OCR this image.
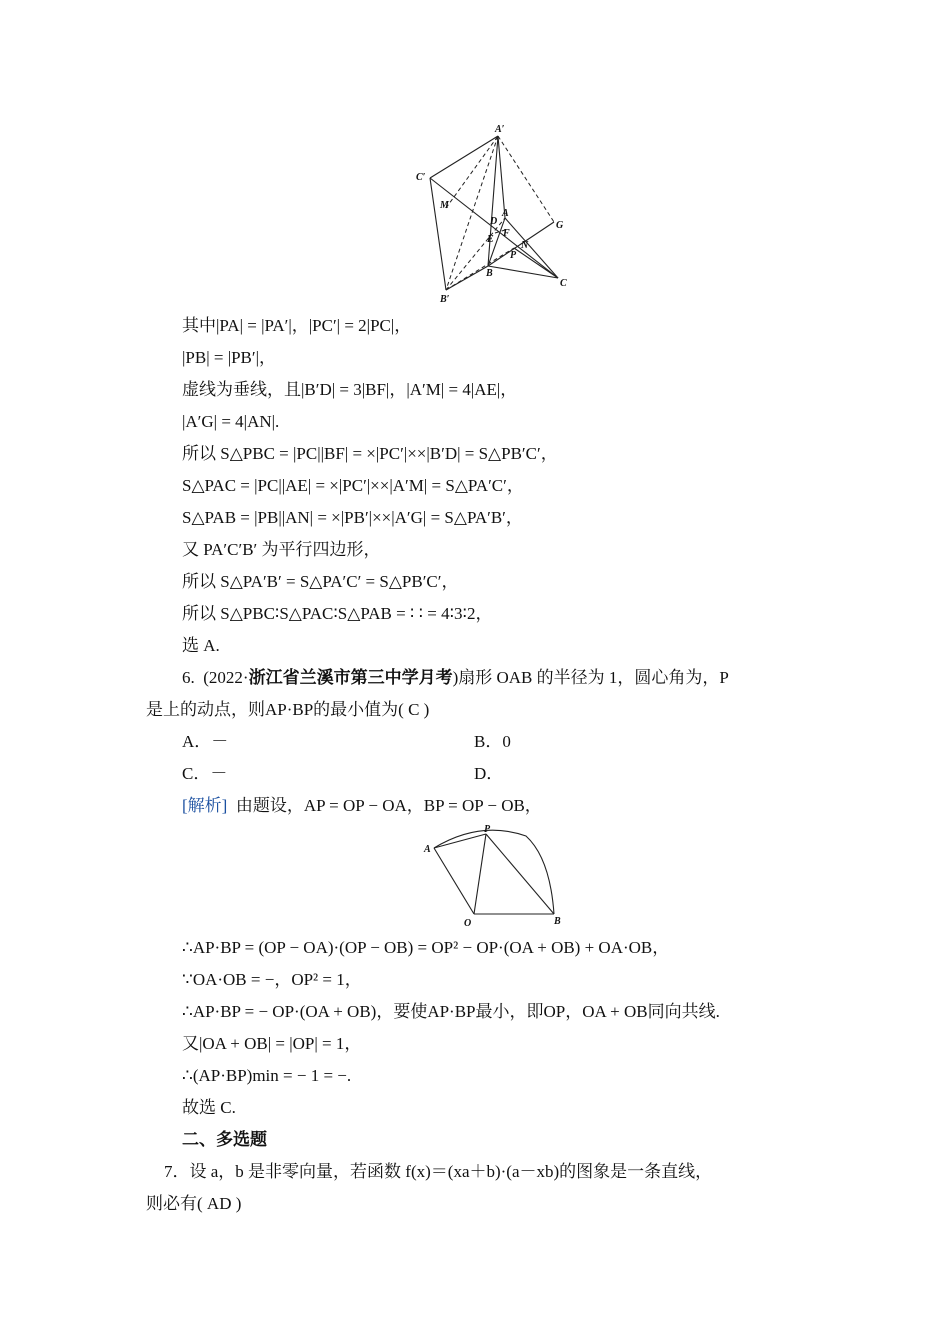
A′
C′
M
D
A
G
E
F
N
P
B
C
B′
其中|PA| = |PA′|，|PC′| = 2|PC|，
|PB| = |PB′|，
虚线为垂线，且|B′D| = 3|BF|，|A′M| = 4|AE|，
|A′G| = 4|AN|.
所以 S△PBC = |PC||BF| = ×|PC′|××|B′D| = S△PB′C′，
S△PAC = |PC||AE| = ×|PC′|××|A′M| = S△PA′C′，
S△PAB = |PB||AN| = ×|PB′|××|A′G| = S△PA′B′，
又 PA′C′B′ 为平行四边形，
所以 S△PA′B′ = S△PA′C′ = S△PB′C′，
所以 S△PBC∶S△PAC∶S△PAB = ∶ ∶ = 4∶3∶2，
选 A.
6.  (2022·浙江省兰溪市第三中学月考)扇形 OAB 的半径为 1，圆心角为，P
是上的动点，则AP·BP的最小值为( C )
A．－	B．0
C．－	D．
[解析]  由题设，AP = OP − OA，BP = OP − OB，
P
A
O	B
∴AP·BP = (OP − OA)·(OP − OB) = OP² − OP·(OA + OB) + OA·OB，
∵OA·OB = −，OP² = 1，
∴AP·BP = − OP·(OA + OB)，要使AP·BP最小，即OP，OA + OB同向共线.
又|OA + OB| = |OP| = 1，
∴(AP·BP)min = − 1 = −.
故选 C.
二、多选题
7．设 a，b 是非零向量，若函数 f(x)＝(xa＋b)·(a－xb)的图象是一条直线，
则必有( AD )
